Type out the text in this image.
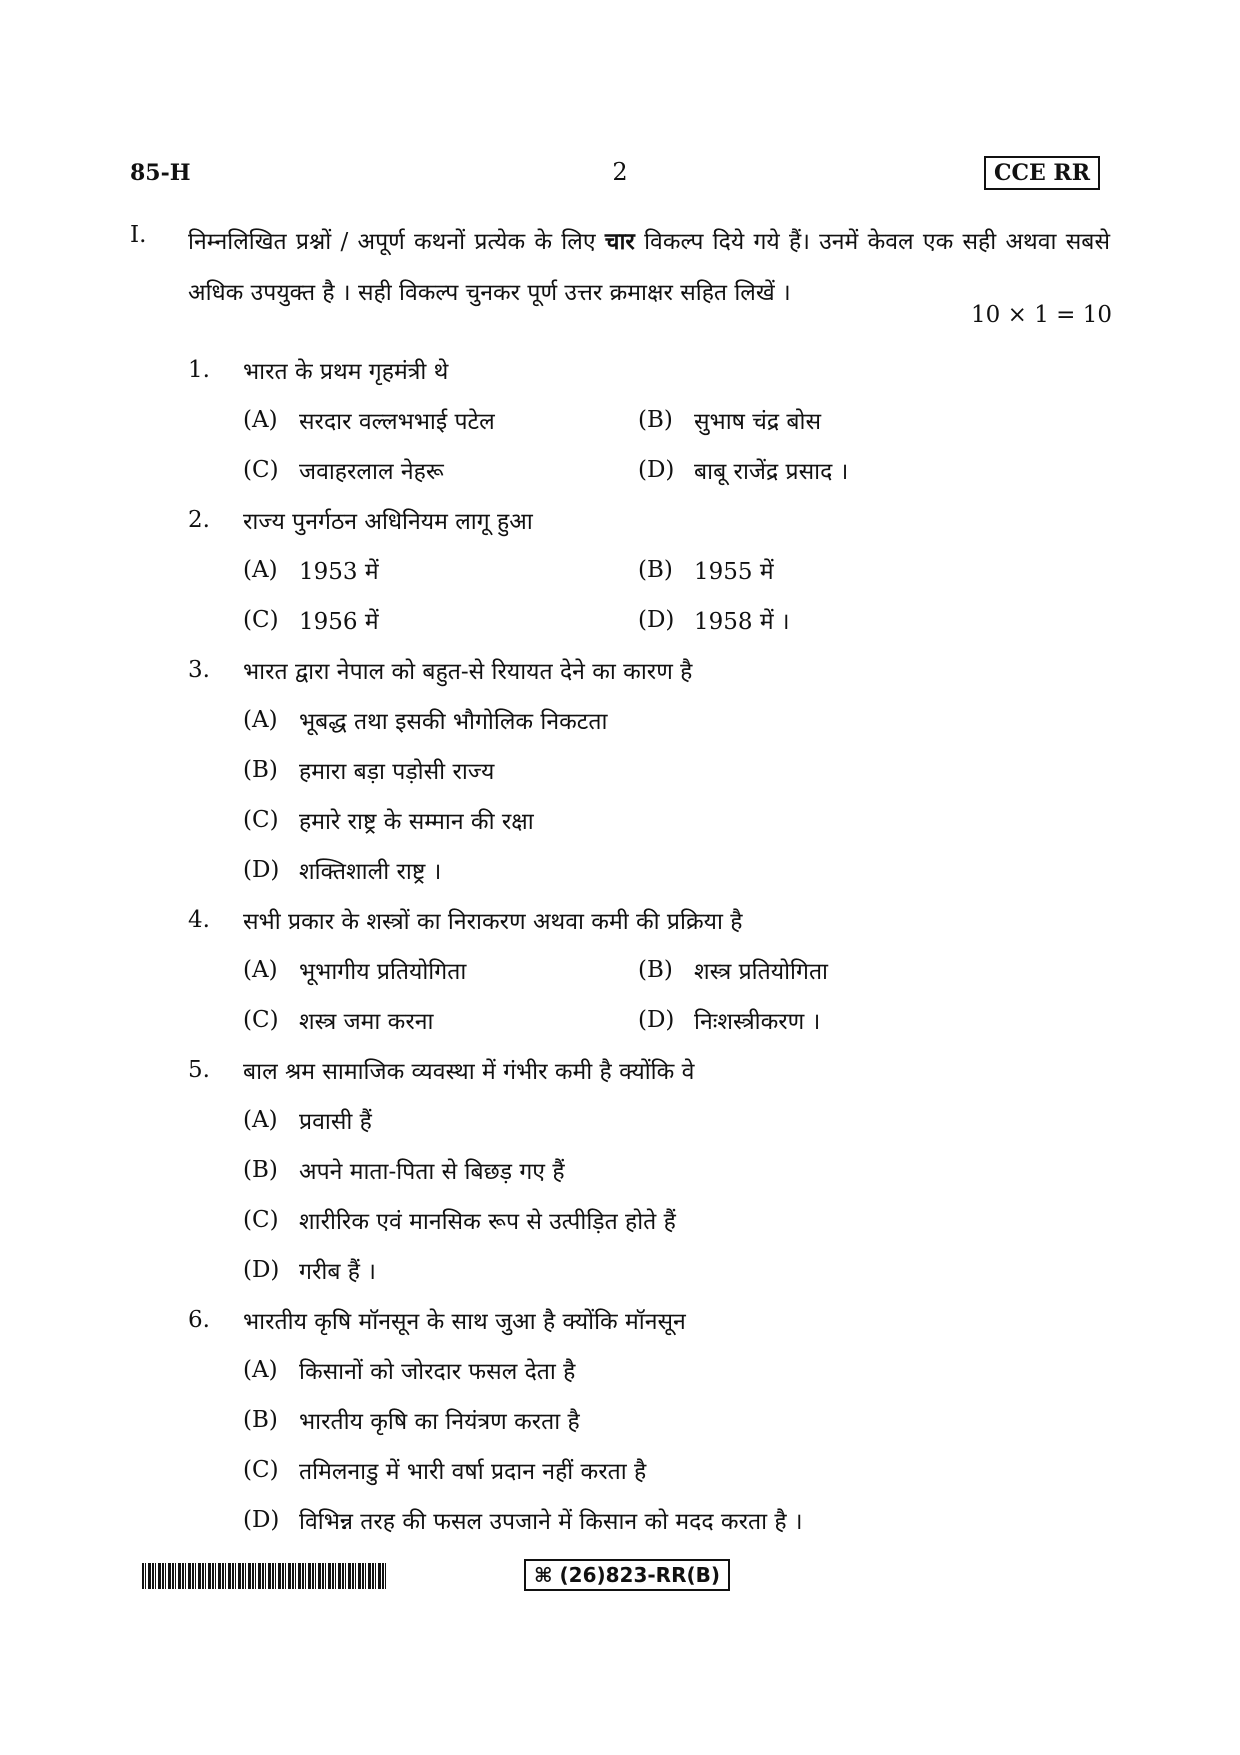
85-H	2	CCE RR
I. निम्नलिखित प्रश्नों / अपूर्ण कथनों प्रत्येक के लिए चार विकल्प दिये गये हैं। उनमें केवल एक सही अथवा सबसे अधिक उपयुक्त है । सही विकल्प चुनकर पूर्ण उत्तर क्रमाक्षर सहित लिखें ।
10 × 1 = 10
1.	भारत के प्रथम गृहमंत्री थे
(A) सरदार वल्लभभाई पटेल	(B) सुभाष चंद्र बोस
(C) जवाहरलाल नेहरू	(D) बाबू राजेंद्र प्रसाद ।
2.	राज्य पुनर्गठन अधिनियम लागू हुआ
(A) 1953 में	(B) 1955 में
(C) 1956 में	(D) 1958 में ।
3.	भारत द्वारा नेपाल को बहुत-से रियायत देने का कारण है
(A) भूबद्ध तथा इसकी भौगोलिक निकटता
(B) हमारा बड़ा पड़ोसी राज्य
(C) हमारे राष्ट्र के सम्मान की रक्षा
(D) शक्तिशाली राष्ट्र ।
4.	सभी प्रकार के शस्त्रों का निराकरण अथवा कमी की प्रक्रिया है
(A) भूभागीय प्रतियोगिता	(B) शस्त्र प्रतियोगिता
(C) शस्त्र जमा करना	(D) निःशस्त्रीकरण ।
5.	बाल श्रम सामाजिक व्यवस्था में गंभीर कमी है क्योंकि वे
(A) प्रवासी हैं
(B) अपने माता-पिता से बिछड़ गए हैं
(C) शारीरिक एवं मानसिक रूप से उत्पीड़ित होते हैं
(D) गरीब हैं ।
6.	भारतीय कृषि मॉनसून के साथ जुआ है क्योंकि मॉनसून
(A) किसानों को जोरदार फसल देता है
(B) भारतीय कृषि का नियंत्रण करता है
(C) तमिलनाडु में भारी वर्षा प्रदान नहीं करता है
(D) विभिन्न तरह की फसल उपजाने में किसान को मदद करता है ।
⌘ (26)823-RR(B)
